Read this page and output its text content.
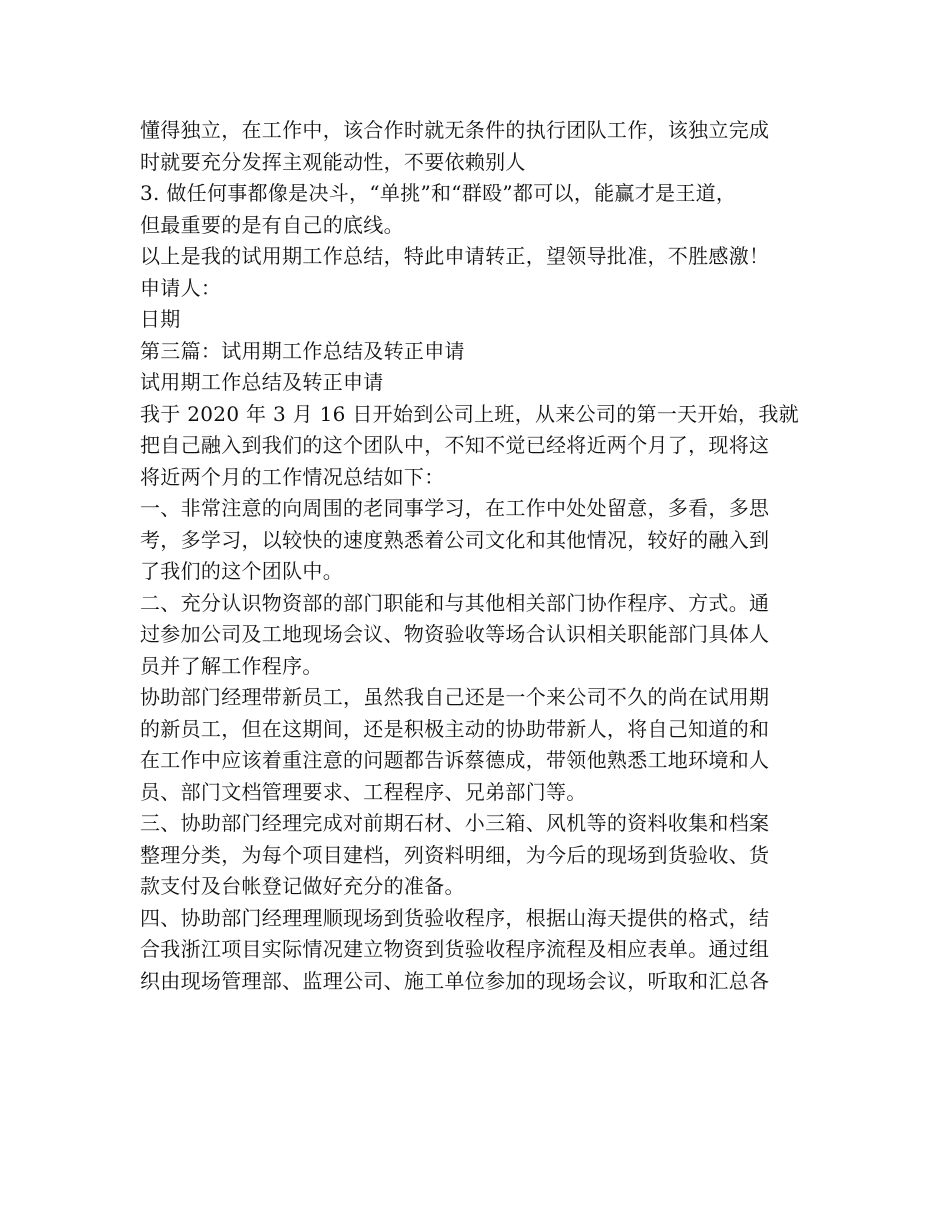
懂得独立，在工作中，该合作时就无条件的执行团队工作，该独立完成
时就要充分发挥主观能动性，不要依赖别人
3. 做任何事都像是决斗，“单挑”和“群殴”都可以，能赢才是王道，
但最重要的是有自己的底线。
以上是我的试用期工作总结，特此申请转正，望领导批准，不胜感激！
申请人：
日期
第三篇：试用期工作总结及转正申请
试用期工作总结及转正申请
我于 2020 年 3 月 16 日开始到公司上班，从来公司的第一天开始，我就
把自己融入到我们的这个团队中，不知不觉已经将近两个月了，现将这
将近两个月的工作情况总结如下：
一、非常注意的向周围的老同事学习，在工作中处处留意，多看，多思
考，多学习，以较快的速度熟悉着公司文化和其他情况，较好的融入到
了我们的这个团队中。
二、充分认识物资部的部门职能和与其他相关部门协作程序、方式。通
过参加公司及工地现场会议、物资验收等场合认识相关职能部门具体人
员并了解工作程序。
协助部门经理带新员工，虽然我自己还是一个来公司不久的尚在试用期
的新员工，但在这期间，还是积极主动的协助带新人，将自己知道的和
在工作中应该着重注意的问题都告诉蔡德成，带领他熟悉工地环境和人
员、部门文档管理要求、工程程序、兄弟部门等。
三、协助部门经理完成对前期石材、小三箱、风机等的资料收集和档案
整理分类，为每个项目建档，列资料明细，为今后的现场到货验收、货
款支付及台帐登记做好充分的准备。
四、协助部门经理理顺现场到货验收程序，根据山海天提供的格式，结
合我浙江项目实际情况建立物资到货验收程序流程及相应表单。通过组
织由现场管理部、监理公司、施工单位参加的现场会议，听取和汇总各
